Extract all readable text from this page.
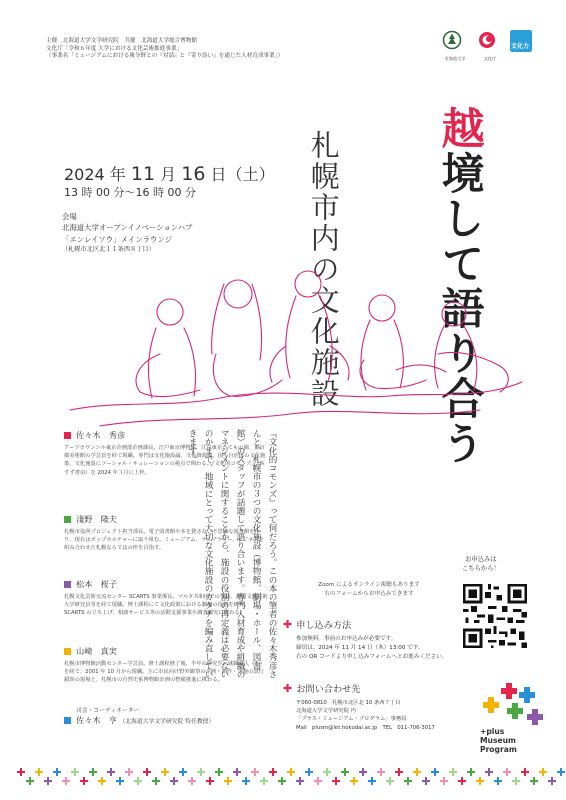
主催　北海道大学文学研究院　共催　北海道大学総合博物館
文化庁「令和６年度 大学における文化芸術推進事業」
（事業名「ミュージアムにおける複分野との『対話』と『寄り添い』を通じた人材育成事業」）	北海道大学	文化庁
文化力
越境して語り合う
札幌市内の文化施設
2024 年 11 月 16 日（土）
13 時 00 分～16 時 00 分
会場
北海道大学オープンイノベーションハブ
「エンレイソウ」メインラウンジ
（札幌市北区北１１条西８丁目）
『文化的コモンズ』って何だろう。この本の筆者の佐々木秀彦さんと、札幌市の３つの文化施設（博物館、劇場・ホール、図書館）のスタッフが話題して語り合います。専門人材育成や組織のマネジメントに関することから、施設の役割の再定義は必要ないのかまで、地域にとって大切な文化施設のカタチを編み直していきます。
佐々木　秀彦
アーツカウンシル東京企画部企画課長。江戸東京博物館、江戸東京たてもの園、東京都美術館の学芸員を経て現職。専門は文化施設論、文化資源論。国や自治体の文化施策、文化施設にソーシャル・キュレーションの視点で関わる。『文化的コモンズ』（みすず書房）を 2024 年３月に上梓。
淺野　隆夫
札幌市役所プロジェクト担当部長。電子図書館や本を貸さない不思議な図書館を作り、現在はポップカルチャーに取り組む。ミュージアム、ライブラリー、ビジネスを組み合わせた札幌ならではの形を目指す。
松本　桜子
札幌文化芸術交流センター SCARTS 事業係長。マルタ共和国での生活、静岡文化芸術大学研究員等を経て現職。博士課程にて文化政策における劇場の役割を研究。SCARTS の立ち上げ、相談サービス等の活動支援事業や調査研究に携わる。
山崎　真実
札幌市博物館活動センター学芸員。修士課程修了後、半年の研究生＝就職浪人（？）を経て、2001 年 10 月から現職。主に市民向け野外観察の企画・制作・実施の試行錯誤の現場と、札幌市の自然史系博物館計画の整備推進に携わる。
司会・コーディネーター
佐々木　亨
（北海道大学文学研究院 特任教授）
Zoom によるオンライン視聴もあります
右のフォームからお申込みできます
お申込みは
こちらから！
✚ 申し込み方法
参加無料。事前のお申込みが必要です。
締切は、2024 年 11 月 14 日（木）13:00 です。
右の QR コードより申し込みフォームへとお進みください。
✚ お問い合わせ先
〒060-0810　札幌市北区北 10 条西７丁目
北海道大学文学研究院 内
「プラス・ミュージアム・プログラム」事務局
Mail　plusm@let.hokudai.ac.jp　TEL　011-706-3017	+plus
Museum
Program
